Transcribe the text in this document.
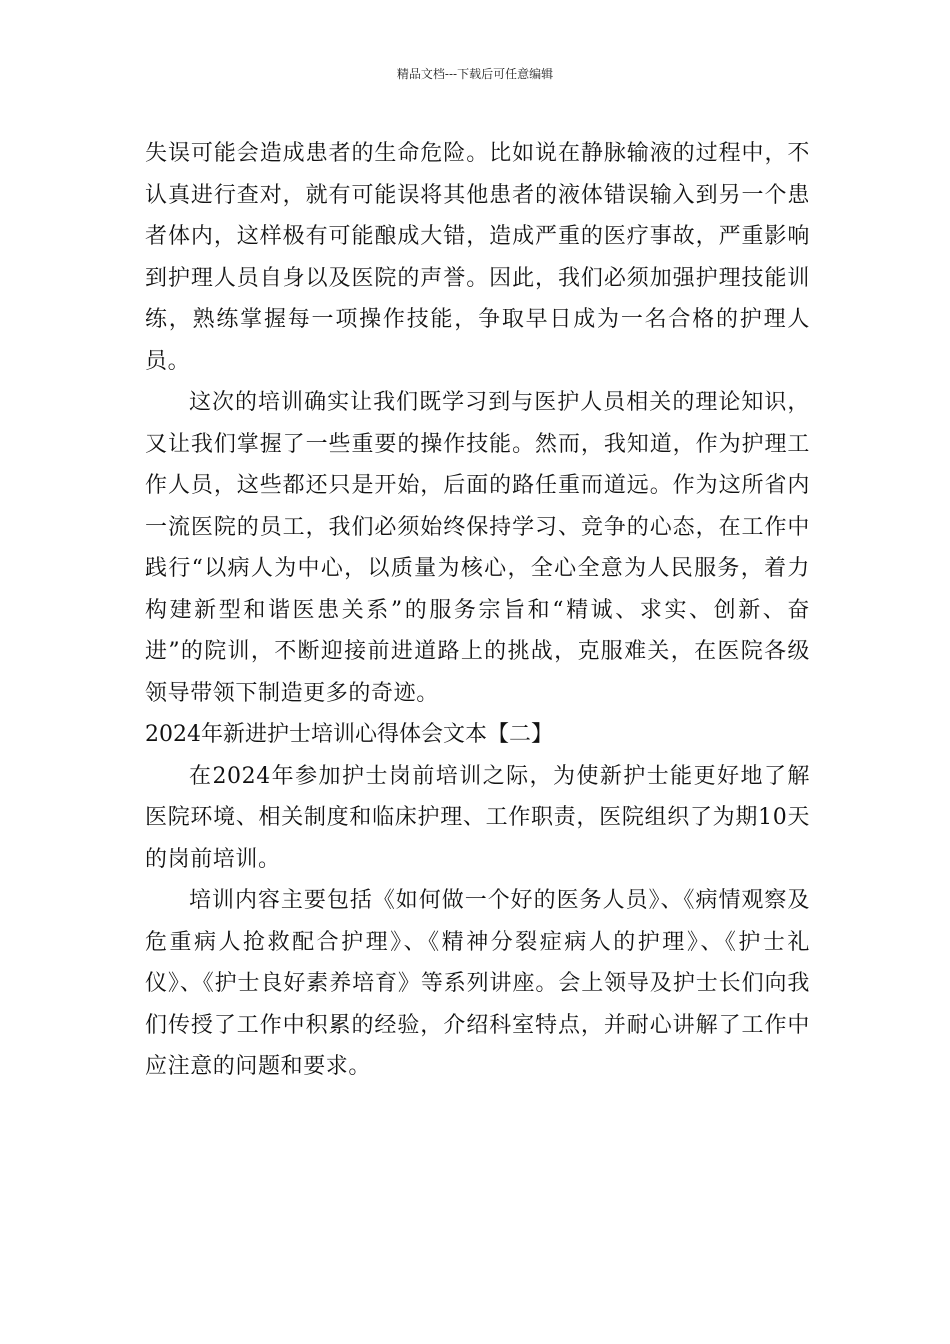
精品文档---下载后可任意编辑

失误可能会造成患者的生命危险。比如说在静脉输液的过程中，不认真进行查对，就有可能误将其他患者的液体错误输入到另一个患者体内，这样极有可能酿成大错，造成严重的医疗事故，严重影响到护理人员自身以及医院的声誉。因此，我们必须加强护理技能训练，熟练掌握每一项操作技能，争取早日成为一名合格的护理人员。

这次的培训确实让我们既学习到与医护人员相关的理论知识，又让我们掌握了一些重要的操作技能。然而，我知道，作为护理工作人员，这些都还只是开始，后面的路任重而道远。作为这所省内一流医院的员工，我们必须始终保持学习、竞争的心态，在工作中践行“以病人为中心，以质量为核心，全心全意为人民服务，着力构建新型和谐医患关系”的服务宗旨和“精诚、求实、创新、奋进”的院训，不断迎接前进道路上的挑战，克服难关，在医院各级领导带领下制造更多的奇迹。

2024年新进护士培训心得体会文本【二】

在2024年参加护士岗前培训之际，为使新护士能更好地了解医院环境、相关制度和临床护理、工作职责，医院组织了为期10天的岗前培训。

培训内容主要包括《如何做一个好的医务人员》、《病情观察及危重病人抢救配合护理》、《精神分裂症病人的护理》、《护士礼仪》、《护士良好素养培育》等系列讲座。会上领导及护士长们向我们传授了工作中积累的经验，介绍科室特点，并耐心讲解了工作中应注意的问题和要求。
